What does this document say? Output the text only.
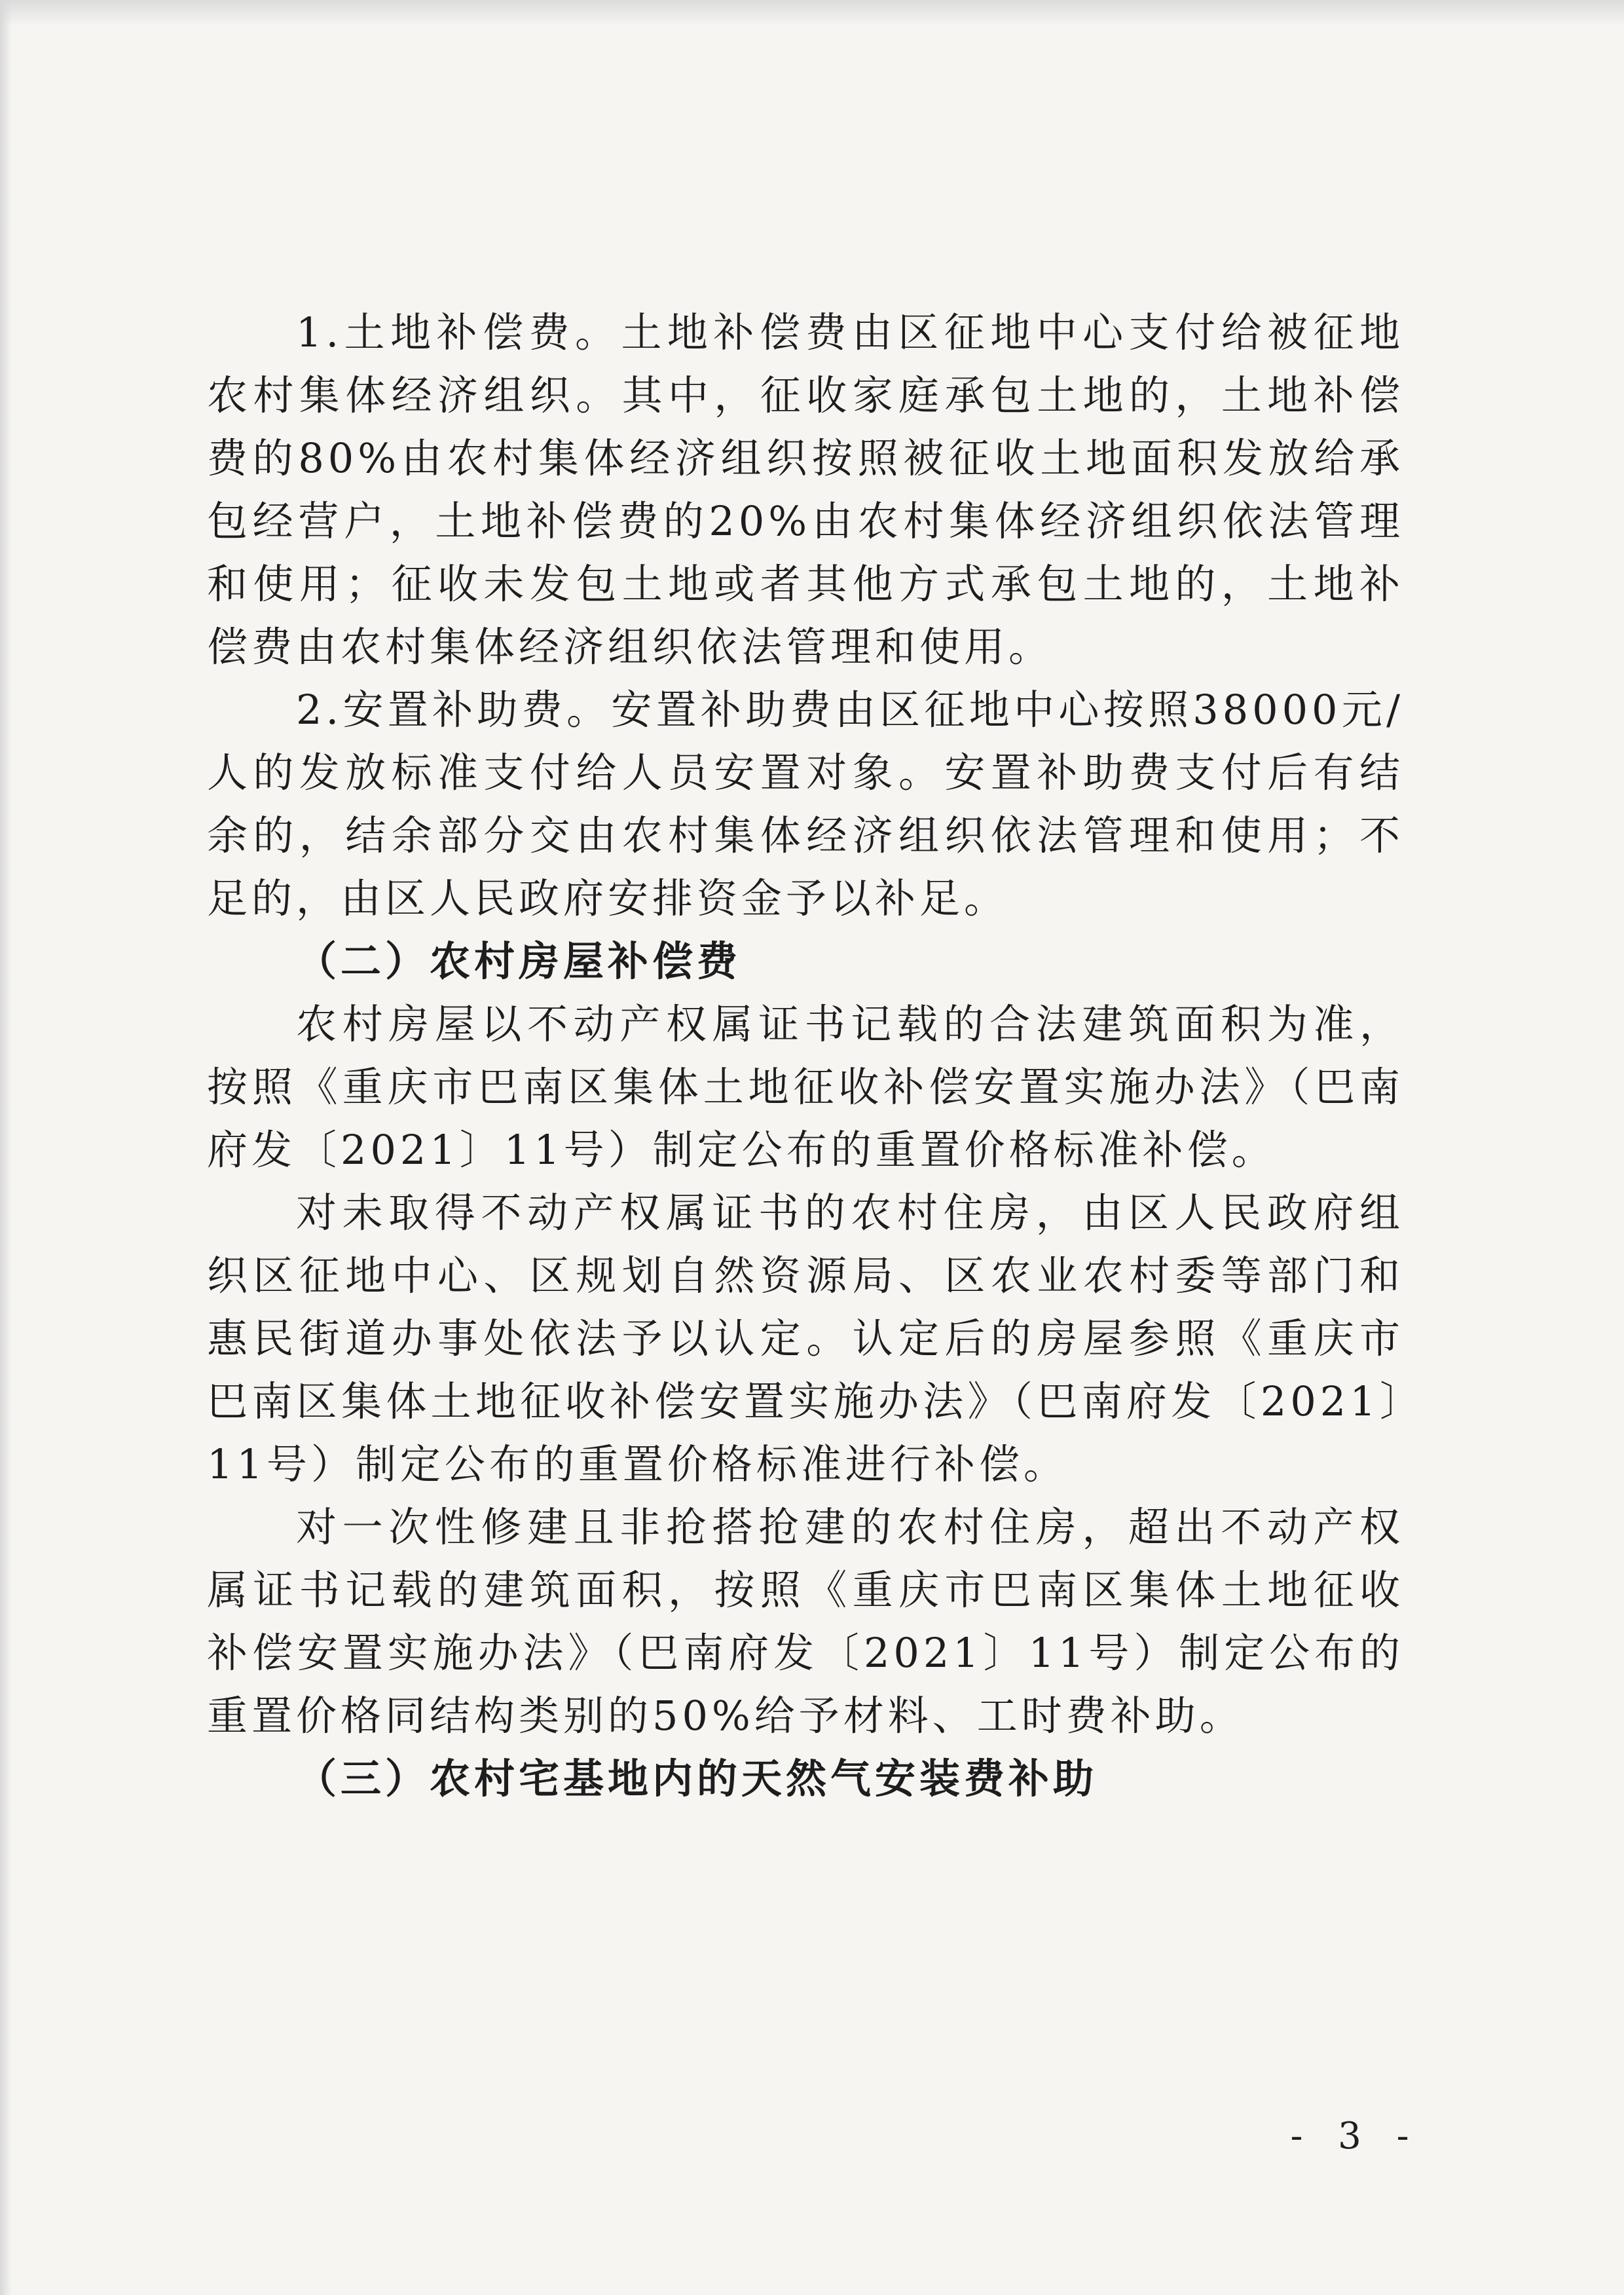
1.土地补偿费。土地补偿费由区征地中心支付给被征地农村集体经济组织。其中，征收家庭承包土地的，土地补偿费的80%由农村集体经济组织按照被征收土地面积发放给承包经营户，土地补偿费的20%由农村集体经济组织依法管理和使用；征收未发包土地或者其他方式承包土地的，土地补偿费由农村集体经济组织依法管理和使用。

2.安置补助费。安置补助费由区征地中心按照38000元/人的发放标准支付给人员安置对象。安置补助费支付后有结余的，结余部分交由农村集体经济组织依法管理和使用；不足的，由区人民政府安排资金予以补足。

（二）农村房屋补偿费

农村房屋以不动产权属证书记载的合法建筑面积为准，按照《重庆市巴南区集体土地征收补偿安置实施办法》（巴南府发〔2021〕11号）制定公布的重置价格标准补偿。

对未取得不动产权属证书的农村住房，由区人民政府组织区征地中心、区规划自然资源局、区农业农村委等部门和惠民街道办事处依法予以认定。认定后的房屋参照《重庆市巴南区集体土地征收补偿安置实施办法》（巴南府发〔2021〕11号）制定公布的重置价格标准进行补偿。

对一次性修建且非抢搭抢建的农村住房，超出不动产权属证书记载的建筑面积，按照《重庆市巴南区集体土地征收补偿安置实施办法》（巴南府发〔2021〕11号）制定公布的重置价格同结构类别的50%给予材料、工时费补助。

（三）农村宅基地内的天然气安装费补助

- 3 -
